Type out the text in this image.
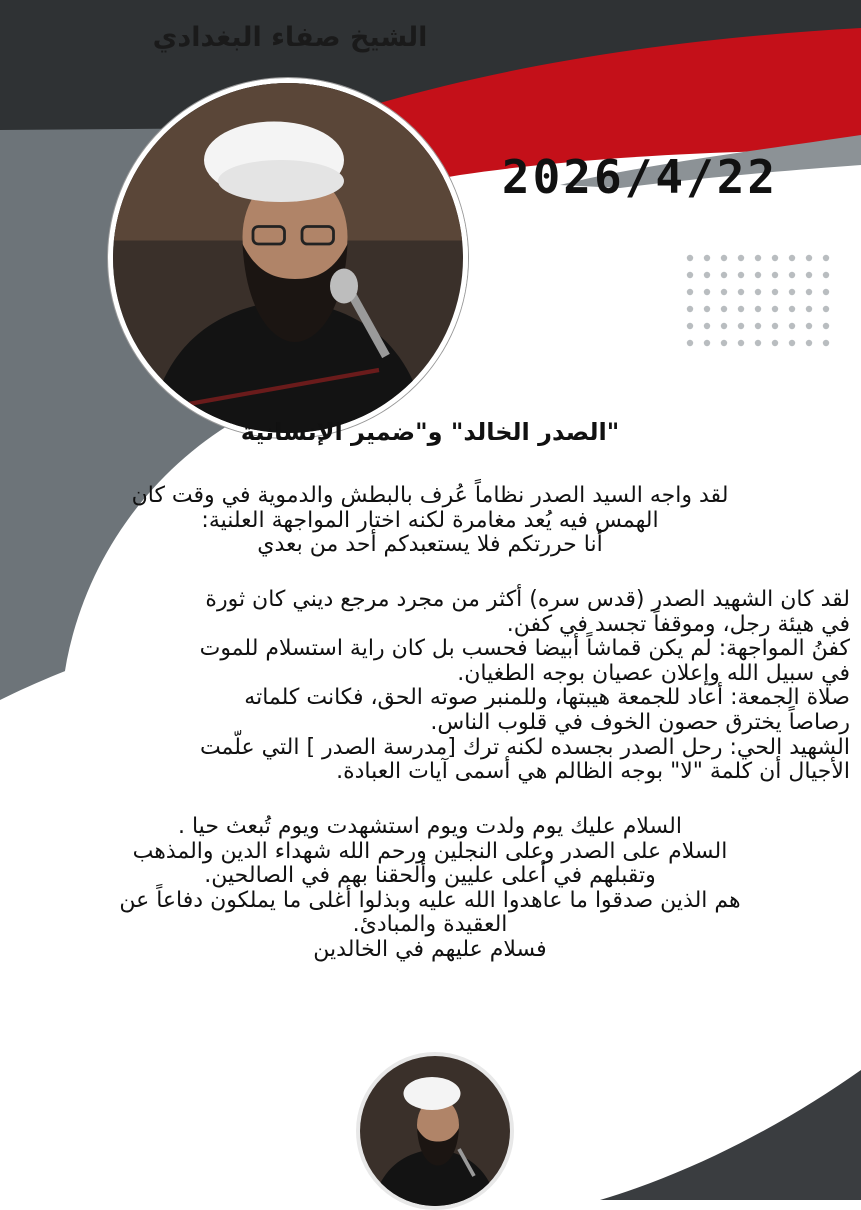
الشيخ صفاء البغدادي
2026/4/22
"الصدر الخالد" و"ضمير الإنسانية
لقد واجه السيد الصدر نظاماً عُرف بالبطش والدموية في وقت كان
الهمس فيه يُعد مغامرة لكنه اختار المواجهة العلنية:
أنا حررتكم فلا يستعبدكم أحد من بعدي
لقد كان الشهيد الصدر (قدس سره) أكثر من مجرد مرجع ديني كان ثورة
في هيئة رجل، وموقفاً تجسد في كفن.
كفنُ المواجهة: لم يكن قماشاً أبيضا فحسب بل كان راية استسلام للموت
في سبيل الله وإعلان عصيان بوجه الطغيان.
صلاة الجمعة: أعاد للجمعة هيبتها، وللمنبر صوته الحق، فكانت كلماته
رصاصاً يخترق حصون الخوف في قلوب الناس.
الشهيد الحي: رحل الصدر بجسده لكنه ترك [مدرسة الصدر ] التي علّمت
الأجيال أن كلمة "لا" بوجه الظالم هي أسمى آيات العبادة.
السلام عليك يوم ولدت ويوم استشهدت ويوم تُبعث حيا .
السلام على الصدر وعلى النجلين ورحم الله شهداء الدين والمذهب
وتقبلهم في أعلى عليين وألحقنا بهم في الصالحين.
هم الذين صدقوا ما عاهدوا الله عليه وبذلوا أغلى ما يملكون دفاعاً عن
العقيدة والمبادئ.
فسلام عليهم في الخالدين
